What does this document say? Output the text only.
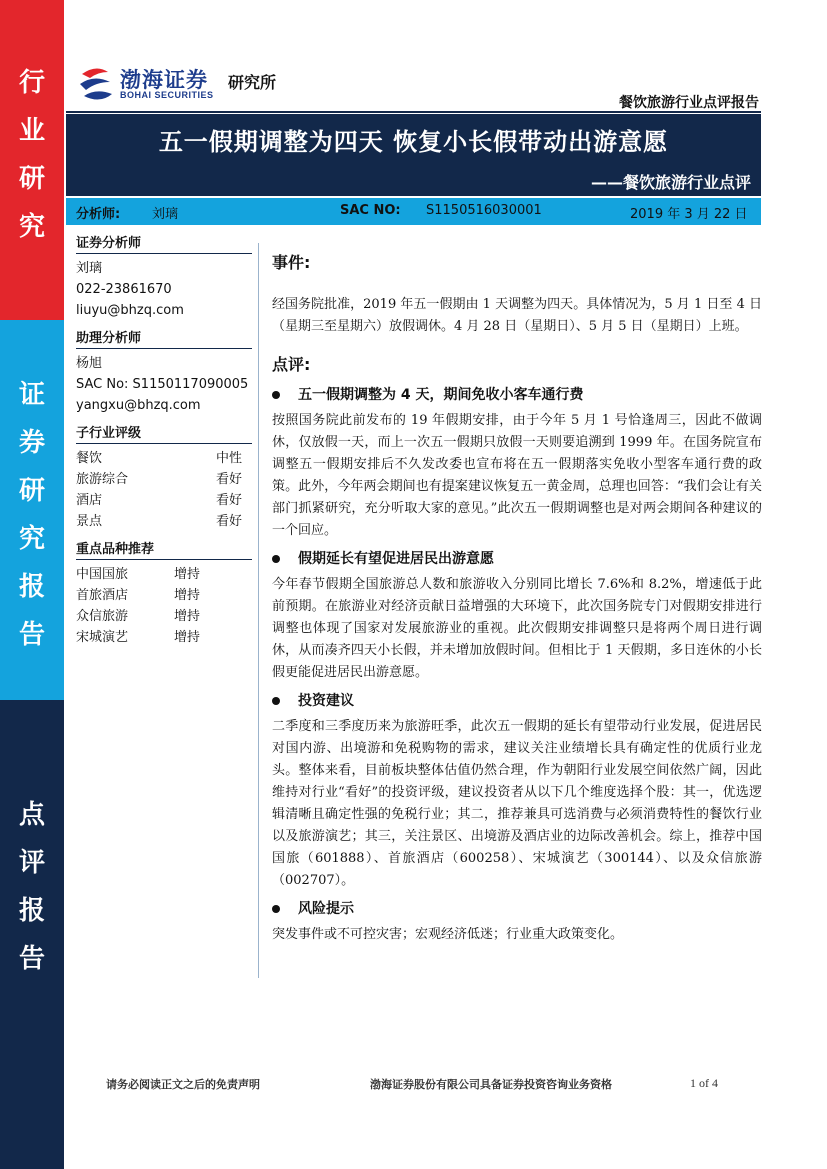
行
业
研
究
证
券
研
究
报
告
点
评
报
告
渤海证券
BOHAI SECURITIES
研究所
餐饮旅游行业点评报告
五一假期调整为四天 恢复小长假带动出游意愿
——餐饮旅游行业点评
分析师: 刘璃	SAC NO: S1150516030001	2019 年 3 月 22 日
证券分析师
刘璃
022-23861670
liuyu@bhzq.com
助理分析师
杨旭
SAC No: S1150117090005
yangxu@bhzq.com
子行业评级
餐饮	中性
旅游综合	看好
酒店	看好
景点	看好
重点品种推荐
中国国旅	增持
首旅酒店	增持
众信旅游	增持
宋城演艺	增持
事件:

经国务院批准，2019 年五一假期由 1 天调整为四天。具体情况为，5 月 1 日至 4 日（星期三至星期六）放假调休。4 月 28 日（星期日）、5 月 5 日（星期日）上班。

点评:
五一假期调整为 4 天，期间免收小客车通行费

按照国务院此前发布的 19 年假期安排，由于今年 5 月 1 号恰逢周三，因此不做调休，仅放假一天，而上一次五一假期只放假一天则要追溯到 1999 年。在国务院宣布调整五一假期安排后不久发改委也宣布将在五一假期落实免收小型客车通行费的政策。此外，今年两会期间也有提案建议恢复五一黄金周，总理也回答：“我们会让有关部门抓紧研究，充分听取大家的意见。”此次五一假期调整也是对两会期间各种建议的一个回应。

假期延长有望促进居民出游意愿

今年春节假期全国旅游总人数和旅游收入分别同比增长 7.6%和 8.2%，增速低于此前预期。在旅游业对经济贡献日益增强的大环境下，此次国务院专门对假期安排进行调整也体现了国家对发展旅游业的重视。此次假期安排调整只是将两个周日进行调休，从而凑齐四天小长假，并未增加放假时间。但相比于 1 天假期，多日连休的小长假更能促进居民出游意愿。

投资建议

二季度和三季度历来为旅游旺季，此次五一假期的延长有望带动行业发展，促进居民对国内游、出境游和免税购物的需求，建议关注业绩增长具有确定性的优质行业龙头。整体来看，目前板块整体估值仍然合理，作为朝阳行业发展空间依然广阔，因此维持对行业“看好”的投资评级，建议投资者从以下几个维度选择个股：其一，优选逻辑清晰且确定性强的免税行业；其二，推荐兼具可选消费与必须消费特性的餐饮行业以及旅游演艺；其三，关注景区、出境游及酒店业的边际改善机会。综上，推荐中国国旅（601888）、首旅酒店（600258）、宋城演艺（300144）、以及众信旅游（002707）。

风险提示

突发事件或不可控灾害；宏观经济低迷；行业重大政策变化。

请务必阅读正文之后的免责声明	渤海证券股份有限公司具备证券投资咨询业务资格	1 of 4
